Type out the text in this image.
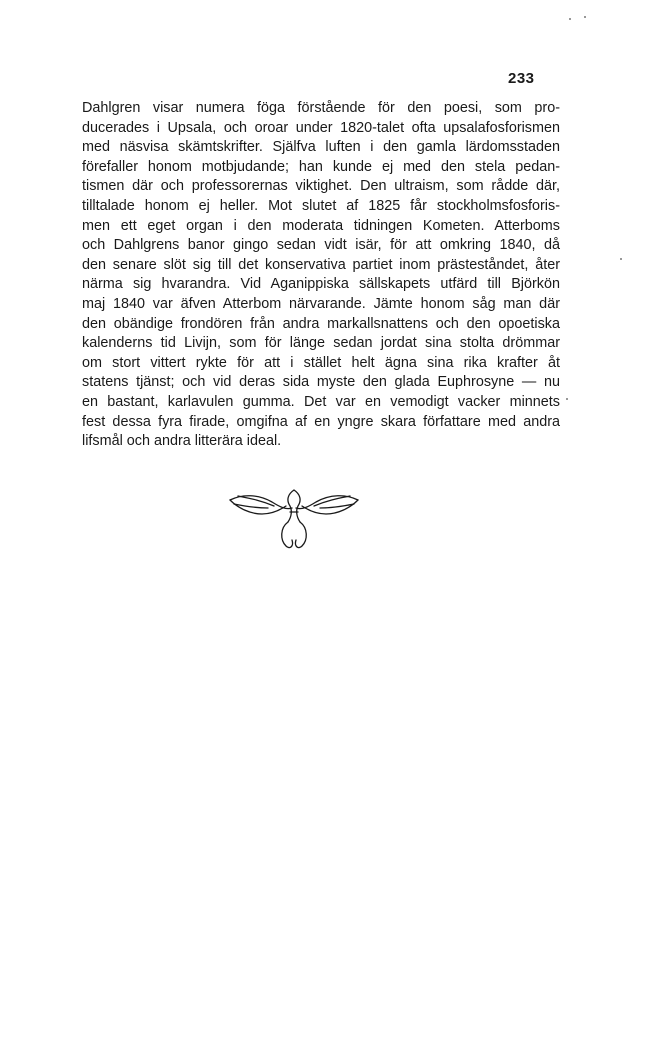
233
Dahlgren visar numera föga förstående för den poesi, som pro-
ducerades i Upsala, och oroar under 1820-talet ofta upsalafosforismen
med näsvisa skämtskrifter. Själfva luften i den gamla lärdomsstaden
förefaller honom motbjudande; han kunde ej med den stela pedan-
tismen där och professorernas viktighet. Den ultraism, som rådde där,
tilltalade honom ej heller. Mot slutet af 1825 får stockholmsfosforis-
men ett eget organ i den moderata tidningen Kometen. Atterboms
och Dahlgrens banor gingo sedan vidt isär, för att omkring 1840, då
den senare slöt sig till det konservativa partiet inom prästeståndet, åter
närma sig hvarandra. Vid Aganippiska sällskapets utfärd till Björkön
maj 1840 var äfven Atterbom närvarande. Jämte honom såg man där
den obändige frondören från andra markallsnattens och den opoetiska
kalenderns tid Livijn, som för länge sedan jordat sina stolta drömmar
om stort vittert rykte för att i stället helt ägna sina rika krafter åt
statens tjänst; och vid deras sida myste den glada Euphrosyne — nu
en bastant, karlavulen gumma. Det var en vemodigt vacker minnets
fest dessa fyra firade, omgifna af en yngre skara författare med andra
lifsmål och andra litterära ideal.
